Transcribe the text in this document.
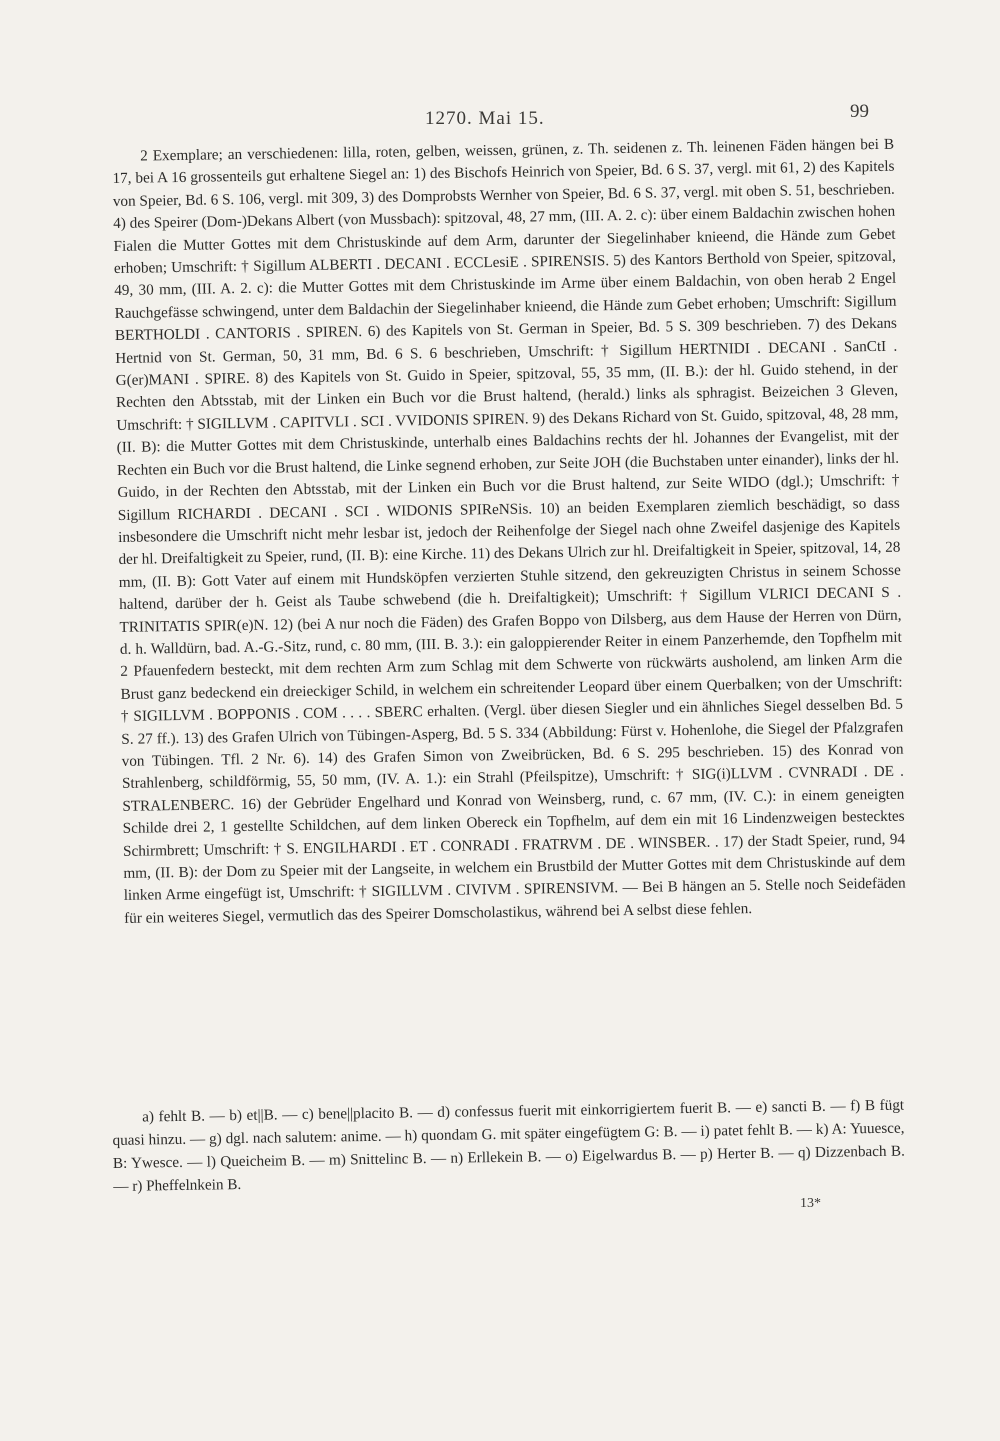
1270. Mai 15.	99

2 Exemplare; an verschiedenen: lilla, roten, gelben, weissen, grünen, z. Th. seidenen z. Th. leinenen Fäden hängen bei B 17, bei A 16 grossenteils gut erhaltene Siegel an: 1) des Bischofs Heinrich von Speier, Bd. 6 S. 37, vergl. mit 61, 2) des Kapitels von Speier, Bd. 6 S. 106, vergl. mit 309, 3) des Domprobsts Wernher von Speier, Bd. 6 S. 37, vergl. mit oben S. 51, beschrieben. 4) des Speirer (Dom-)Dekans Albert (von Mussbach): spitzoval, 48, 27 mm, (III. A. 2. c): über einem Baldachin zwischen hohen Fialen die Mutter Gottes mit dem Christuskinde auf dem Arm, darunter der Siegelinhaber knieend, die Hände zum Gebet erhoben; Umschrift: † Sigillum ALBERTI . DECANI . ECCLesiE . SPIRENSIS. 5) des Kantors Berthold von Speier, spitzoval, 49, 30 mm, (III. A. 2. c): die Mutter Gottes mit dem Christuskinde im Arme über einem Baldachin, von oben herab 2 Engel Rauchgefässe schwingend, unter dem Baldachin der Siegelinhaber knieend, die Hände zum Gebet erhoben; Umschrift: Sigillum BERTHOLDI . CANTORIS . SPIREN. 6) des Kapitels von St. German in Speier, Bd. 5 S. 309 beschrieben. 7) des Dekans Hertnid von St. German, 50, 31 mm, Bd. 6 S. 6 beschrieben, Umschrift: † Sigillum HERTNIDI . DECANI . SanCtI . G(er)MANI . SPIRE. 8) des Kapitels von St. Guido in Speier, spitzoval, 55, 35 mm, (II. B.): der hl. Guido stehend, in der Rechten den Abtsstab, mit der Linken ein Buch vor die Brust haltend, (herald.) links als sphragist. Beizeichen 3 Gleven, Umschrift: † SIGILLVM . CAPITVLI . SCI . VVIDONIS SPIREN. 9) des Dekans Richard von St. Guido, spitzoval, 48, 28 mm, (II. B): die Mutter Gottes mit dem Christuskinde, unterhalb eines Baldachins rechts der hl. Johannes der Evangelist, mit der Rechten ein Buch vor die Brust haltend, die Linke segnend erhoben, zur Seite JOH (die Buchstaben unter einander), links der hl. Guido, in der Rechten den Abtsstab, mit der Linken ein Buch vor die Brust haltend, zur Seite WIDO (dgl.); Umschrift: † Sigillum RICHARDI . DECANI . SCI . WIDONIS SPIReNSis. 10) an beiden Exemplaren ziemlich beschädigt, so dass insbesondere die Umschrift nicht mehr lesbar ist, jedoch der Reihenfolge der Siegel nach ohne Zweifel dasjenige des Kapitels der hl. Dreifaltigkeit zu Speier, rund, (II. B): eine Kirche. 11) des Dekans Ulrich zur hl. Dreifaltigkeit in Speier, spitzoval, 14, 28 mm, (II. B): Gott Vater auf einem mit Hundsköpfen verzierten Stuhle sitzend, den gekreuzigten Christus in seinem Schosse haltend, darüber der h. Geist als Taube schwebend (die h. Dreifaltigkeit); Umschrift: † Sigillum VLRICI DECANI S . TRINITATIS SPIR(e)N. 12) (bei A nur noch die Fäden) des Grafen Boppo von Dilsberg, aus dem Hause der Herren von Dürn, d. h. Walldürn, bad. A.-G.-Sitz, rund, c. 80 mm, (III. B. 3.): ein galoppierender Reiter in einem Panzerhemde, den Topfhelm mit 2 Pfauenfedern besteckt, mit dem rechten Arm zum Schlag mit dem Schwerte von rückwärts ausholend, am linken Arm die Brust ganz bedeckend ein dreieckiger Schild, in welchem ein schreitender Leopard über einem Querbalken; von der Umschrift: † SIGILLVM . BOPPONIS . COM . . . . SBERC erhalten. (Vergl. über diesen Siegler und ein ähnliches Siegel desselben Bd. 5 S. 27 ff.). 13) des Grafen Ulrich von Tübingen-Asperg, Bd. 5 S. 334 (Abbildung: Fürst v. Hohenlohe, die Siegel der Pfalzgrafen von Tübingen. Tfl. 2 Nr. 6). 14) des Grafen Simon von Zweibrücken, Bd. 6 S. 295 beschrieben. 15) des Konrad von Strahlenberg, schildförmig, 55, 50 mm, (IV. A. 1.): ein Strahl (Pfeilspitze), Umschrift: † SIG(i)LLVM . CVNRADI . DE . STRALENBERC. 16) der Gebrüder Engelhard und Konrad von Weinsberg, rund, c. 67 mm, (IV. C.): in einem geneigten Schilde drei 2, 1 gestellte Schildchen, auf dem linken Obereck ein Topfhelm, auf dem ein mit 16 Lindenzweigen bestecktes Schirmbrett; Umschrift: † S. ENGILHARDI . ET . CONRADI . FRATRVM . DE . WINSBER. . 17) der Stadt Speier, rund, 94 mm, (II. B): der Dom zu Speier mit der Langseite, in welchem ein Brustbild der Mutter Gottes mit dem Christuskinde auf dem linken Arme eingefügt ist, Umschrift: † SIGILLVM . CIVIVM . SPIRENSIVM. — Bei B hängen an 5. Stelle noch Seidefäden für ein weiteres Siegel, vermutlich das des Speirer Domscholastikus, während bei A selbst diese fehlen.

a) fehlt B. — b) et||B. — c) bene||placito B. — d) confessus fuerit mit einkorrigiertem fuerit B. — e) sancti B. — f) B fügt quasi hinzu. — g) dgl. nach salutem: anime. — h) quondam G. mit später eingefügtem G: B. — i) patet fehlt B. — k) A: Yuuesce, B: Ywesce. — l) Queicheim B. — m) Snittelinc B. — n) Erllekein B. — o) Eigelwardus B. — p) Herter B. — q) Dizzenbach B. — r) Pheffelnkein B.

13*
